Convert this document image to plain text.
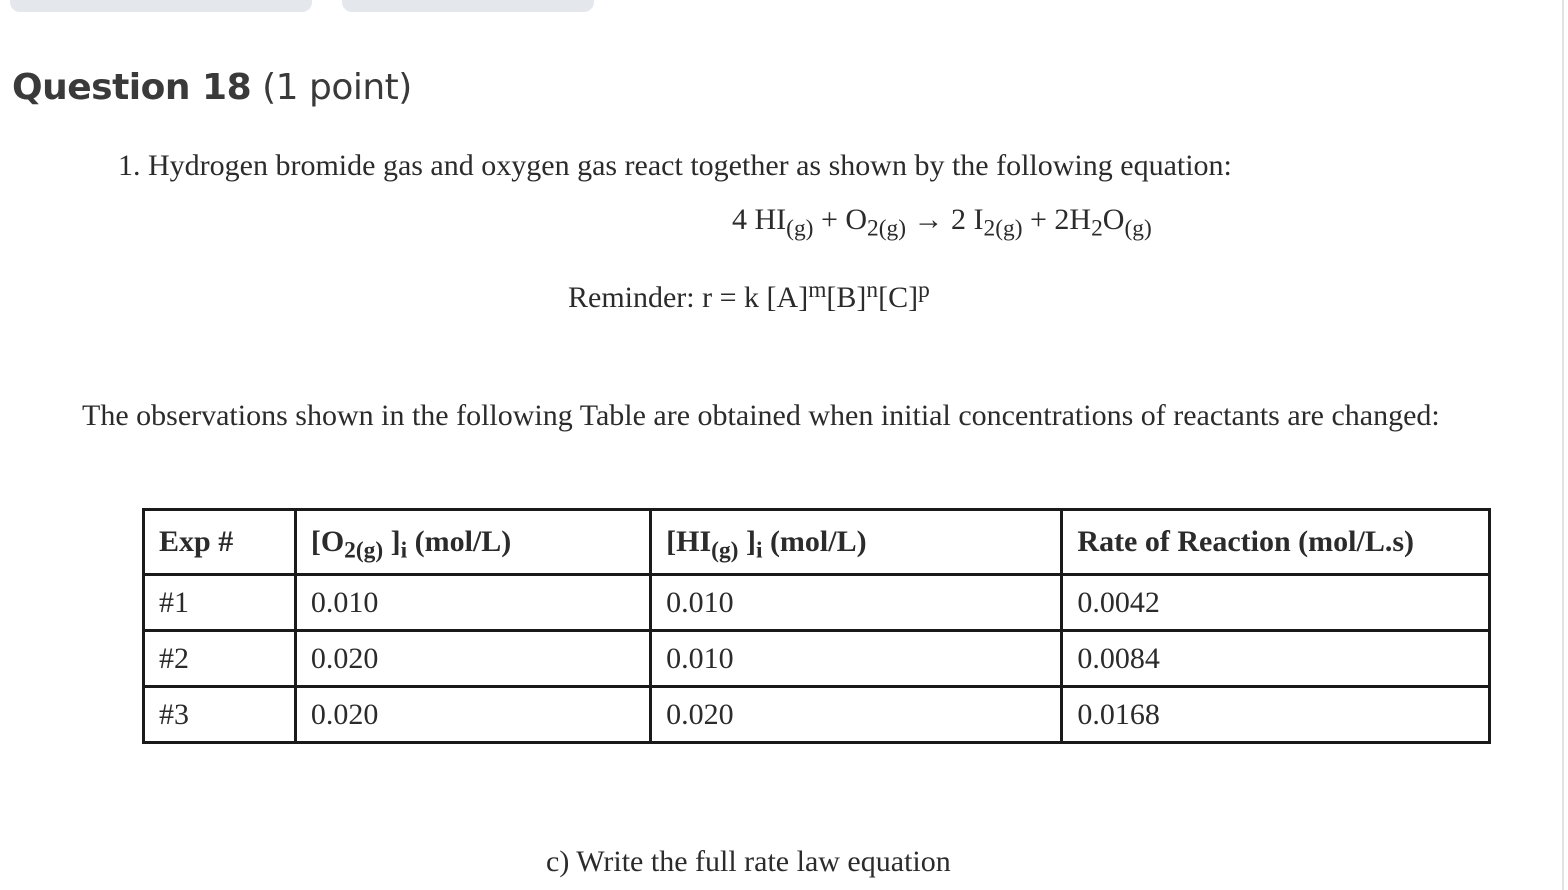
Question 18 (1 point)
1. Hydrogen bromide gas and oxygen gas react together as shown by the following equation:
4 $HI_{(g)} + O_{2(g)} \to 2$ $I_{2(g)} + 2H_2O_{(g)}$
Reminder: r = k $[A]^m[B]^n[C]^p$
The observations shown in the following Table are obtained when initial concentrations of reactants are changed:
Exp #	[$O_{2(g)}$ ]$_i$ (mol/L)	[$HI_{(g)}$ ]$_i$ (mol/L)	Rate of Reaction (mol/L.s)
#1	0.010	0.010	0.0042
#2	0.020	0.010	0.0084
#3	0.020	0.020	0.0168
c) Write the full rate law equation
